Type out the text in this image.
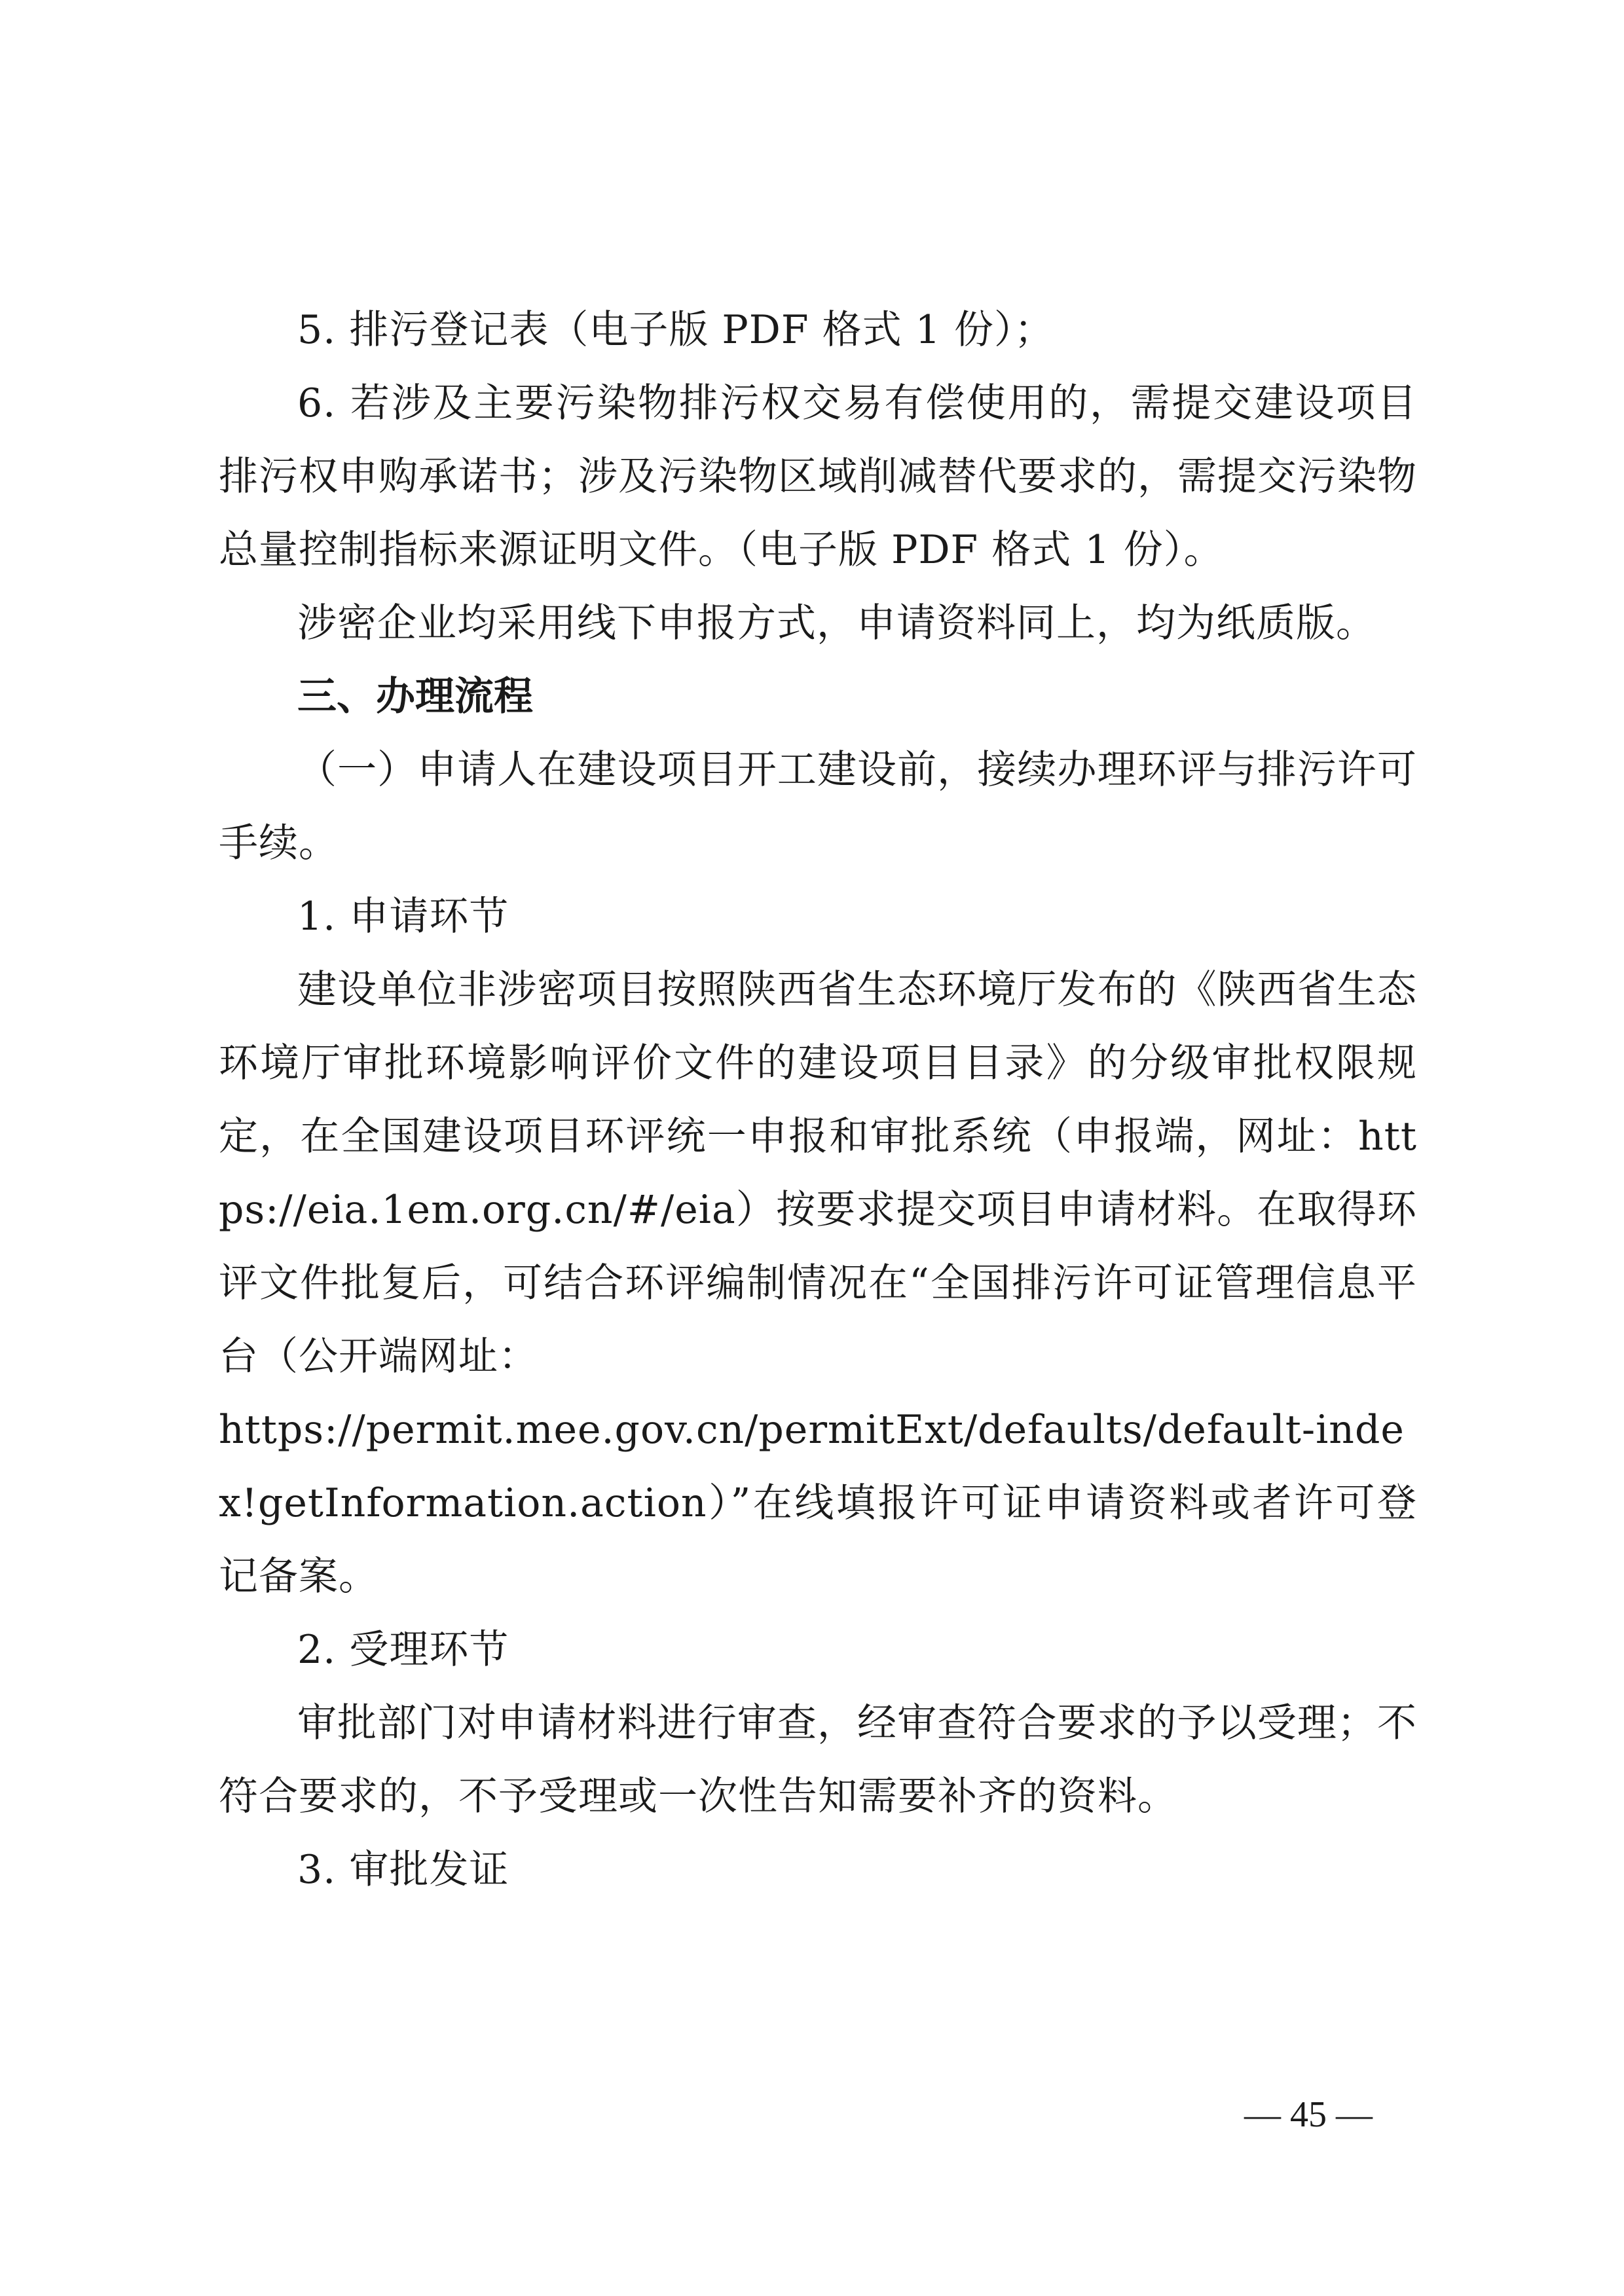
5. 排污登记表（电子版 PDF 格式 1 份）；

6. 若涉及主要污染物排污权交易有偿使用的，需提交建设项目排污权申购承诺书；涉及污染物区域削减替代要求的，需提交污染物总量控制指标来源证明文件。（电子版 PDF 格式 1 份）。

涉密企业均采用线下申报方式，申请资料同上，均为纸质版。

三、办理流程

（一）申请人在建设项目开工建设前，接续办理环评与排污许可手续。

1. 申请环节

建设单位非涉密项目按照陕西省生态环境厅发布的《陕西省生态环境厅审批环境影响评价文件的建设项目目录》的分级审批权限规定，在全国建设项目环评统一申报和审批系统（申报端，网址：https://eia.1em.org.cn/#/eia）按要求提交项目申请材料。在取得环评文件批复后，可结合环评编制情况在“全国排污许可证管理信息平台（公开端网址：

https://permit.mee.gov.cn/permitExt/defaults/default-index!getInformation.action）”在线填报许可证申请资料或者许可登记备案。

2. 受理环节

审批部门对申请材料进行审查，经审查符合要求的予以受理；不符合要求的，不予受理或一次性告知需要补齐的资料。

3. 审批发证

— 45 —
